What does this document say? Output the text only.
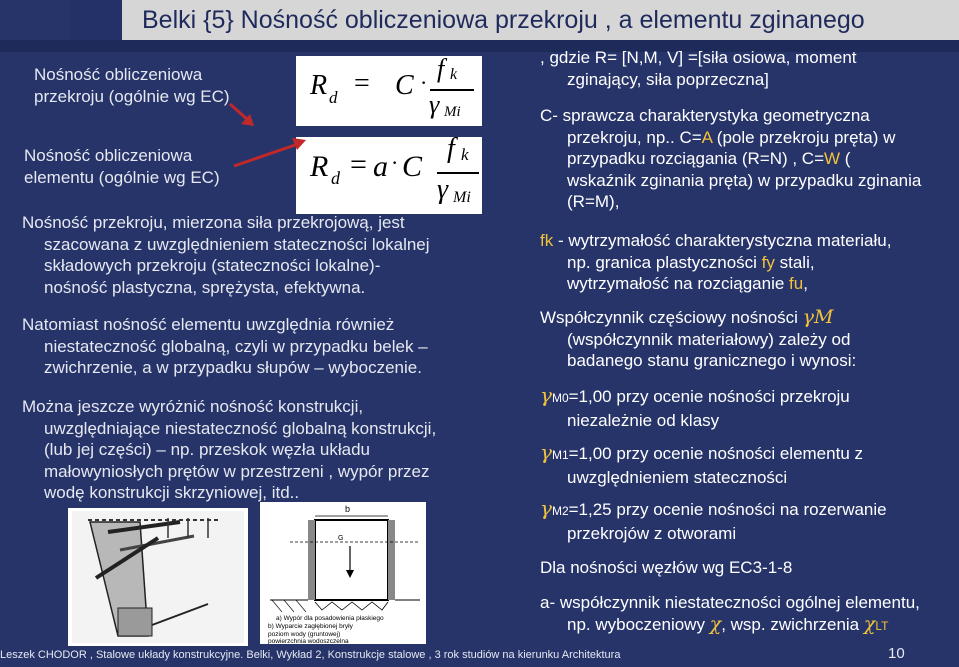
Belki {5} Nośność obliczeniowa przekroju , a elementu zginanego
Nośność obliczeniowa
przekroju (ogólnie wg EC)
Nośność obliczeniowa
elementu (ogólnie wg EC)
R d = C · f k
γ Mi
R d = a · C
f k
γ Mi
Nośność przekroju, mierzona siła przekrojową, jest
szacowana z uwzględnieniem stateczności lokalnej
składowych przekroju (stateczności lokalne)-
nośność plastyczna, sprężysta, efektywna.
Natomiast nośność elementu uwzględnia również
niestateczność globalną, czyli w przypadku belek –
zwichrzenie, a w przypadku słupów – wyboczenie.
Można jeszcze wyróżnić nośność konstrukcji,
uwzględniające niestateczność globalną konstrukcji,
(lub jej części) – np. przeskok węzła układu
małowyniosłych prętów w przestrzeni , wypór przez
wodę konstrukcji skrzyniowej, itd..
b
G
a) Wypór dla posadowienia płaskiego
b) Wyparcie zagłębionej bryły
poziom wody (gruntowej)
powierzchnia wodoszczelna
, gdzie R= [N,M, V] =[siła osiowa, moment
zginający, siła poprzeczna]
C- sprawcza charakterystyka geometryczna
przekroju, np.. C=A (pole przekroju pręta) w
przypadku rozciągania (R=N) , C=W (
wskaźnik zginania pręta) w przypadku zginania
(R=M),
fk - wytrzymałość charakterystyczna materiału,
np. granica plastyczności fy stali,
wytrzymałość na rozciąganie fu,
Współczynnik częściowy nośności γM
(współczynnik materiałowy) zależy od
badanego stanu granicznego i wynosi:
γM0=1,00 przy ocenie nośności przekroju
niezależnie od klasy
γM1=1,00 przy ocenie nośności elementu z
uwzględnieniem stateczności
γM2=1,25 przy ocenie nośności na rozerwanie
przekrojów z otworami
Dla nośności węzłów wg EC3-1-8
a- współczynnik niestateczności ogólnej elementu,
np. wyboczeniowy χ, wsp. zwichrzenia χLT
Leszek CHODOR , Stalowe układy konstrukcyjne. Belki, Wykład 2, Konstrukcje stalowe , 3 rok studiów na kierunku Architektura	10
